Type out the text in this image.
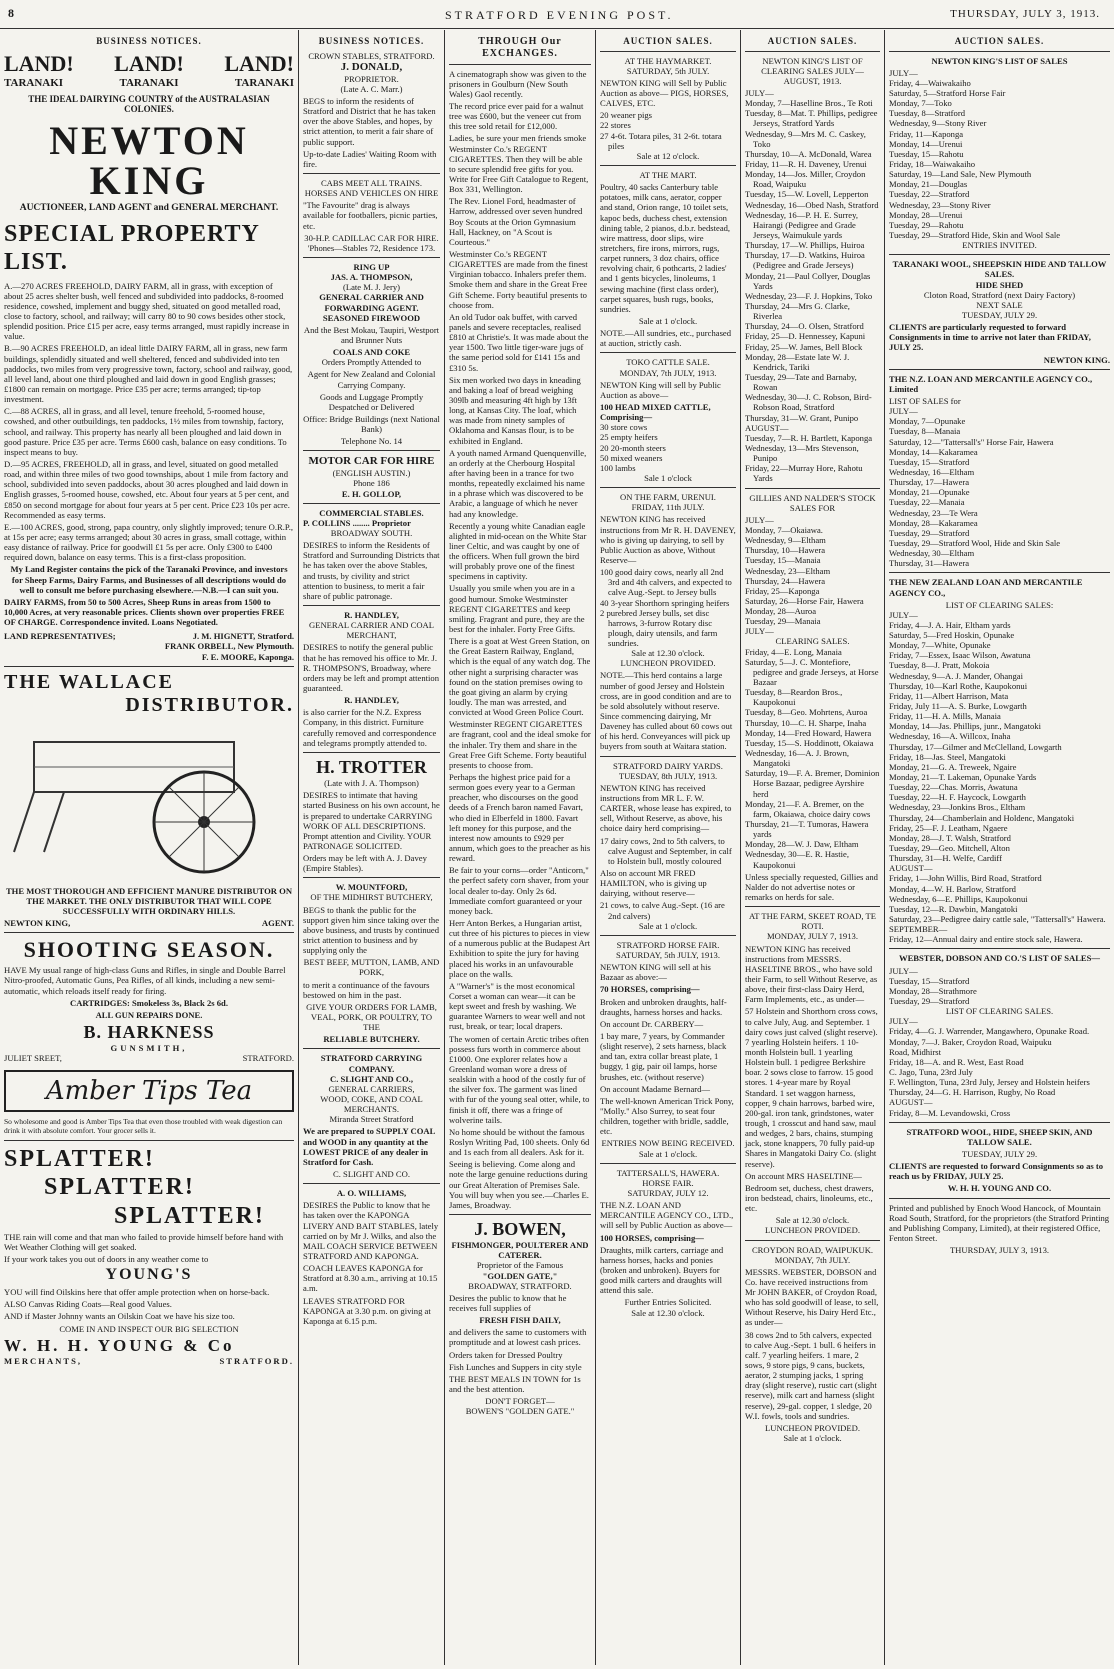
8	STRATFORD EVENING POST.	THURSDAY, JULY 3, 1913.
BUSINESS NOTICES.
LAND! LAND! LAND!
TARANAKI	TARANAKI	TARANAKI
THE IDEAL DAIRYING COUNTRY of the AUSTRALASIAN COLONIES.
NEWTON KING
AUCTIONEER, LAND AGENT and GENERAL MERCHANT.
SPECIAL PROPERTY LIST.

A.—270 ACRES FREEHOLD, DAIRY FARM, all in grass, with exception of about 25 acres shelter bush, well fenced and subdivided into paddocks, 8-roomed residence, cowshed, implement and buggy shed, situated on good metalled road, close to factory, school, and railway; will carry 80 to 90 cows besides other stock, splendid position. Price £15 per acre, easy terms arranged, must rapidly increase in value.

B.—90 ACRES FREEHOLD, an ideal little DAIRY FARM, all in grass, new farm buildings, splendidly situated and well sheltered, fenced and subdivided into ten paddocks, two miles from very progressive town, factory, school and railway, good, all level land, about one third ploughed and laid down in good English grasses; £1800 can remain on mortgage. Price £35 per acre; terms arranged; tip-top investment.

C.—88 ACRES, all in grass, and all level, tenure freehold, 5-roomed house, cowshed, and other outbuildings, ten paddocks, 1½ miles from township, factory, school, and railway. This property has nearly all been ploughed and laid down in good pasture. Price £35 per acre. Terms £600 cash, balance on easy conditions. To inspect means to buy.

D.—95 ACRES, FREEHOLD, all in grass, and level, situated on good metalled road, and within three miles of two good townships, about 1 mile from factory and school, subdivided into seven paddocks, about 30 acres ploughed and laid down in English grasses, 5-roomed house, cowshed, etc. About four years at 5 per cent, and £850 on second mortgage for about four years at 5 per cent. Price £23 10s per acre. Recommended as easy terms.

E.—100 ACRES, good, strong, papa country, only slightly improved; tenure O.R.P., at 15s per acre; easy terms arranged; about 30 acres in grass, small cottage, within easy distance of railway. Price for goodwill £1 5s per acre. Only £300 to £400 required down, balance on easy terms. This is a first-class proposition.

My Land Register contains the pick of the Taranaki Province, and investors for Sheep Farms, Dairy Farms, and Businesses of all descriptions would do well to consult me before purchasing elsewhere.—N.B.—I can suit you.

DAIRY FARMS, from 50 to 500 Acres, Sheep Runs in areas from 1500 to 10,000 Acres, at very reasonable prices. Clients shown over properties FREE OF CHARGE. Correspondence invited. Loans Negotiated.

LAND REPRESENTATIVES;	J. M. HIGNETT, Stratford.
FRANK ORBELL, New Plymouth.
F. E. MOORE, Kaponga.
THE WALLACE
DISTRIBUTOR.

THE MOST THOROUGH AND EFFICIENT MANURE DISTRIBUTOR ON THE MARKET. THE ONLY DISTRIBUTOR THAT WILL COPE SUCCESSFULLY WITH ORDINARY HILLS.

NEWTON KING,	AGENT.
SHOOTING SEASON.

HAVE My usual range of high-class Guns and Rifles, in single and Double Barrel Nitro-proofed, Automatic Guns, Pea Rifles, of all kinds, including a new semi-automatic, which reloads itself ready for firing.

CARTRIDGES: Smokeless 3s, Black 2s 6d.

ALL GUN REPAIRS DONE.

B. HARKNESS
GUNSMITH,
JULIET SREET,	STRATFORD.
Amber Tips Tea

So wholesome and good is Amber Tips Tea that even those troubled with weak digestion can drink it with absolute comfort. Your grocer sells it.

SPLATTER!
SPLATTER!
SPLATTER!

THE rain will come and that man who failed to provide himself before hand with Wet Weather Clothing will get soaked.

If your work takes you out of doors in any weather come to

YOUNG'S

YOU will find Oilskins here that offer ample protection when on horse-back.

ALSO Canvas Riding Coats—Real good Values.

AND if Master Johnny wants an Oilskin Coat we have his size too.

COME IN AND INSPECT OUR BIG SELECTION

W. H. H. YOUNG & Co
MERCHANTS,	STRATFORD.
BUSINESS NOTICES.
CROWN STABLES, STRATFORD.
J. DONALD,
PROPRIETOR.
(Late A. C. Marr.)

BEGS to inform the residents of Stratford and District that he has taken over the above Stables, and hopes, by strict attention, to merit a fair share of public support.

Up-to-date Ladies' Waiting Room with fire.

CABS MEET ALL TRAINS.
HORSES AND VEHICLES ON HIRE

"The Favourite" drag is always available for footballers, picnic parties, etc.

30-H.P. CADILLAC CAR FOR HIRE.
'Phones—Stables 72, Residence 173.
RING UP
JAS. A. THOMPSON,
(Late M. J. Jery)
GENERAL CARRIER AND FORWARDING AGENT.
SEASONED FIREWOOD

And the Best Mokau, Taupiri, Westport and Brunner Nuts

COALS AND COKE
Orders Promptly Attended to

Agent for New Zealand and Colonial Carrying Company.

Goods and Luggage Promptly Despatched or Delivered

Office: Bridge Buildings (next National Bank)

Telephone No. 14
MOTOR CAR FOR HIRE
(ENGLISH AUSTIN.)
Phone 186
E. H. GOLLOP,
COMMERCIAL STABLES.
P. COLLINS ........ Proprietor
BROADWAY SOUTH.

DESIRES to inform the Residents of Stratford and Surrounding Districts that he has taken over the above Stables, and trusts, by civility and strict attention to business, to merit a fair share of public patronage.

R. HANDLEY,
GENERAL CARRIER AND COAL MERCHANT,

DESIRES to notify the general public that he has removed his office to Mr. J. R. THOMPSON'S, Broadway, where orders may be left and prompt attention guaranteed.

R. HANDLEY,

is also carrier for the N.Z. Express Company, in this district. Furniture carefully removed and correspondence and telegrams promptly attended to.

H. TROTTER
(Late with J. A. Thompson)

DESIRES to intimate that having started Business on his own account, he is prepared to undertake CARRYING WORK OF ALL DESCRIPTIONS. Prompt attention and Civility. YOUR PATRONAGE SOLICITED.

Orders may be left with A. J. Davey (Empire Stables).

W. MOUNTFORD,
OF THE MIDHIRST BUTCHERY,

BEGS to thank the public for the support given him since taking over the above business, and trusts by continued strict attention to business and by supplying only the

BEST BEEF, MUTTON, LAMB, AND PORK,

to merit a continuance of the favours bestowed on him in the past.

GIVE YOUR ORDERS FOR LAMB, VEAL, PORK, OR POULTRY, TO THE

RELIABLE BUTCHERY.
STRATFORD CARRYING COMPANY.
C. SLIGHT AND CO.,
GENERAL CARRIERS,
WOOD, COKE, AND COAL MERCHANTS.
Miranda Street Stratford

We are prepared to SUPPLY COAL and WOOD in any quantity at the LOWEST PRICE of any dealer in Stratford for Cash.

C. SLIGHT AND CO.
A. O. WILLIAMS,

DESIRES the Public to know that he has taken over the KAPONGA LIVERY AND BAIT STABLES, lately carried on by Mr J. Wilks, and also the MAIL COACH SERVICE BETWEEN STRATFORD AND KAPONGA.

COACH LEAVES KAPONGA for Stratford at 8.30 a.m., arriving at 10.15 a.m.

LEAVES STRATFORD FOR KAPONGA at 3.30 p.m. on giving at Kaponga at 6.15 p.m.

THROUGH Our EXCHANGES.

A cinematograph show was given to the prisoners in Goulburn (New South Wales) Gaol recently.

The record price ever paid for a walnut tree was £600, but the veneer cut from this tree sold retail for £12,000.

Ladies, be sure your men friends smoke Westminster Co.'s REGENT CIGARETTES. Then they will be able to secure splendid free gifts for you. Write for Free Gift Catalogue to Regent, Box 331, Wellington.

The Rev. Lionel Ford, headmaster of Harrow, addressed over seven hundred Boy Scouts at the Orion Gymnasium Hall, Hackney, on "A Scout is Courteous."

Westminster Co.'s REGENT CIGARETTES are made from the finest Virginian tobacco. Inhalers prefer them. Smoke them and share in the Great Free Gift Scheme. Forty beautiful presents to choose from.

An old Tudor oak buffet, with carved panels and severe receptacles, realised £810 at Christie's. It was made about the year 1500. Two little tiger-ware jugs of the same period sold for £141 15s and £310 5s.

Six men worked two days in kneading and baking a loaf of bread weighing 309lb and measuring 4ft high by 13ft long, at Kansas City. The loaf, which was made from ninety samples of Oklahoma and Kansas flour, is to be exhibited in England.

A youth named Armand Quenquenville, an orderly at the Cherbourg Hospital after having been in a trance for two months, repeatedly exclaimed his name in a phrase which was discovered to be Arabic, a language of which he never had any knowledge.

Recently a young white Canadian eagle alighted in mid-ocean on the White Star liner Celtic, and was caught by one of the officers. When full grown the bird will probably prove one of the finest specimens in captivity.

Usually you smile when you are in a good humour. Smoke Westminster REGENT CIGARETTES and keep smiling. Fragrant and pure, they are the best for the inhaler. Forty Free Gifts.

There is a goat at West Green Station, on the Great Eastern Railway, England, which is the equal of any watch dog. The other night a surprising character was found on the station premises owing to the goat giving an alarm by crying loudly. The man was arrested, and convicted at Wood Green Police Court.

Westminster REGENT CIGARETTES are fragrant, cool and the ideal smoke for the inhaler. Try them and share in the Great Free Gift Scheme. Forty beautiful presents to choose from.

Perhaps the highest price paid for a sermon goes every year to a German preacher, who discourses on the good deeds of a French baron named Favart, who died in Elberfeld in 1800. Favart left money for this purpose, and the interest now amounts to £929 per annum, which goes to the preacher as his reward.

Be fair to your corns—order "Anticorn," the perfect safety corn shaver, from your local dealer to-day. Only 2s 6d. Immediate comfort guaranteed or your money back.

Herr Anton Berkes, a Hungarian artist, cut three of his pictures to pieces in view of a numerous public at the Budapest Art Exhibition to spite the jury for having placed his works in an unfavourable place on the walls.

A "Warner's" is the most economical Corset a woman can wear—it can be kept sweet and fresh by washing. We guarantee Warners to wear well and not rust, break, or tear; local drapers.

The women of certain Arctic tribes often possess furs worth in commerce about £1000. One explorer relates how a Greenland woman wore a dress of sealskin with a hood of the costly fur of the silver fox. The garment was lined with fur of the young seal otter, while, to finish it off, there was a fringe of wolverine tails.

No home should be without the famous Roslyn Writing Pad, 100 sheets. Only 6d and 1s each from all dealers. Ask for it.

Seeing is believing. Come along and note the large genuine reductions during our Great Alteration of Premises Sale. You will buy when you see.—Charles E. James, Broadway.

J. BOWEN,
FISHMONGER, POULTERER AND CATERER.
Proprietor of the Famous
"GOLDEN GATE,"
BROADWAY, STRATFORD.

Desires the public to know that he receives full supplies of

FRESH FISH DAILY,

and delivers the same to customers with promptitude and at lowest cash prices.

Orders taken for Dressed Poultry

Fish Lunches and Suppers in city style

THE BEST MEALS IN TOWN for 1s and the best attention.

DON'T FORGET—
BOWEN'S "GOLDEN GATE."
AUCTION SALES.
AT THE HAYMARKET.
SATURDAY, 5th JULY.

NEWTON KING will Sell by Public Auction as above— PIGS, HORSES, CALVES, ETC.

20 weaner pigs
22 stores
27 4-6t. Totara piles, 31 2-6t. totara piles
Sale at 12 o'clock.
AT THE MART.

Poultry, 40 sacks Canterbury table potatoes, milk cans, aerator, copper and stand, Orion range, 10 toilet sets, kapoc beds, duchess chest, extension dining table, 2 pianos, d.b.r. bedstead, wire mattress, door slips, wire stretchers, fire irons, mirrors, rugs, carpet runners, 3 doz chairs, office revolving chair, 6 pothcarts, 2 ladies' and 1 gents bicycles, linoleums, 1 sewing machine (first class order), carpet squares, bush rugs, books, sundries.

Sale at 1 o'clock.

NOTE.—All sundries, etc., purchased at auction, strictly cash.

TOKO CATTLE SALE.
MONDAY, 7th JULY, 1913.

NEWTON King will sell by Public Auction as above—

100 HEAD MIXED CATTLE, Comprising—
30 store cows
25 empty heifers
20 20-month steers
50 mixed weaners
100 lambs
Sale 1 o'clock
ON THE FARM, URENUI.
FRIDAY, 11th JULY.

NEWTON KING has received instructions from Mr R. H. DAVENEY, who is giving up dairying, to sell by Public Auction as above, Without Reserve—

100 good dairy cows, nearly all 2nd 3rd and 4th calvers, and expected to calve Aug.-Sept. to Jersey bulls
40 3-year Shorthorn springing heifers
2 purebred Jersey bulls, set disc harrows, 3-furrow Rotary disc plough, dairy utensils, and farm sundries.
Sale at 12.30 o'clock.
LUNCHEON PROVIDED.

NOTE.—This herd contains a large number of good Jersey and Holstein cross, are in good condition and are to be sold absolutely without reserve. Since commencing dairying, Mr Daveney has culled about 60 cows out of his herd. Conveyances will pick up buyers from south at Waitara station.

STRATFORD DAIRY YARDS.
TUESDAY, 8th JULY, 1913.

NEWTON KING has received instructions from MR L. F. W. CARTER, whose lease has expired, to sell, Without Reserve, as above, his choice dairy herd comprising—

17 dairy cows, 2nd to 5th calvers, to calve August and September, in calf to Holstein bull, mostly coloured

Also on account MR FRED HAMILTON, who is giving up dairying, without reserve—

21 cows, to calve Aug.-Sept. (16 are 2nd calvers)
Sale at 1 o'clock.
STRATFORD HORSE FAIR.
SATURDAY, 5th JULY, 1913.

NEWTON KING will sell at his Bazaar as above:—

70 HORSES, comprising—

Broken and unbroken draughts, half-draughts, harness horses and hacks.

On account Dr. CARBERY—

1 bay mare, 7 years, by Commander (slight reserve), 2 sets harness, black and tan, extra collar breast plate, 1 buggy, 1 gig, pair oil lamps, horse brushes, etc. (without reserve)

On account Madame Bernard—

The well-known American Trick Pony, "Molly." Also Surrey, to seat four children, together with bridle, saddle, etc.

ENTRIES NOW BEING RECEIVED.
Sale at 1 o'clock.
TATTERSALL'S, HAWERA.
HORSE FAIR.
SATURDAY, JULY 12.

THE N.Z. LOAN AND MERCANTILE AGENCY CO., LTD., will sell by Public Auction as above—

100 HORSES, comprising—

Draughts, milk carters, carriage and harness horses, hacks and ponies (broken and unbroken). Buyers for good milk carters and draughts will attend this sale.

Further Entries Solicited.
Sale at 12.30 o'clock.
AUCTION SALES.

NEWTON KING'S LIST OF CLEARING SALES JULY—AUGUST, 1913.

JULY—
Monday, 7—Haselline Bros., Te Roti
Tuesday, 8—Mat. T. Phillips, pedigree Jerseys, Stratford Yards
Wednesday, 9—Mrs M. C. Caskey, Toko
Thursday, 10—A. McDonald, Warea
Friday, 11—R. H. Daveney, Urenui
Monday, 14—Jos. Miller, Croydon Road, Waipuku
Tuesday, 15—W. Lovell, Lepperton
Wednesday, 16—Obed Nash, Stratford
Wednesday, 16—P. H. E. Surrey, Hairangi (Pedigree and Grade Jerseys, Waimukule yards
Thursday, 17—W. Phillips, Huiroa
Thursday, 17—D. Watkins, Huiroa (Pedigree and Grade Jerseys)
Monday, 21—Paul Collyer, Douglas Yards
Wednesday, 23—F. J. Hopkins, Toko
Thursday, 24—Mrs G. Clarke, Riverlea
Thursday, 24—O. Olsen, Stratford
Friday, 25—D. Hennessey, Kapuni
Friday, 25—W. James, Bell Block
Monday, 28—Estate late W. J. Kendrick, Tariki
Tuesday, 29—Tate and Barnaby, Rowan
Wednesday, 30—J. C. Robson, Bird-Robson Road, Stratford
Thursday, 31—W. Grant, Punipo
AUGUST—
Tuesday, 7—R. H. Bartlett, Kaponga
Wednesday, 13—Mrs Stevenson, Punipo
Friday, 22—Murray Hore, Rahotu Yards

GILLIES AND NALDER'S STOCK SALES FOR

JULY—
Monday, 7—Okaiawa.
Wednesday, 9—Eltham
Thursday, 10—Hawera
Tuesday, 15—Manaia
Wednesday, 23—Eltham
Thursday, 24—Hawera
Friday, 25—Kaponga
Saturday, 26—Horse Fair, Hawera
Monday, 28—Auroa
Tuesday, 29—Manaia
JULY—
CLEARING SALES.
Friday, 4—E. Long, Manaia
Saturday, 5—J. C. Montefiore, pedigree and grade Jerseys, at Horse Bazaar
Tuesday, 8—Reardon Bros., Kaupokonui
Tuesday, 8—Geo. Mohrtens, Auroa
Thursday, 10—C. H. Sharpe, Inaha
Monday, 14—Fred Howard, Hawera
Tuesday, 15—S. Hoddinott, Okaiawa
Wednesday, 16—A. J. Brown, Mangatoki
Saturday, 19—F. A. Bremer, Dominion Horse Bazaar, pedigree Ayrshire herd
Monday, 21—F. A. Bremer, on the farm, Okaiawa, choice dairy cows
Thursday, 21—T. Tumoras, Hawera yards
Monday, 28—W. J. Daw, Eltham
Wednesday, 30—E. R. Hastie, Kaupokonui

Unless specially requested, Gillies and Nalder do not advertise notes or remarks on herds for sale.

AT THE FARM, SKEET ROAD, TE ROTI.
MONDAY, JULY 7, 1913.

NEWTON KING has received instructions from MESSRS. HASELTINE BROS., who have sold their Farm, to sell Without Reserve, as above, their first-class Dairy Herd, Farm Implements, etc., as under—

57 Holstein and Shorthorn cross cows, to calve July, Aug. and September. 1 dairy cows just calved (slight reserve). 7 yearling Holstein heifers. 1 10-month Holstein bull. 1 yearling Holstein bull. 1 pedigree Berkshire boar. 2 sows close to farrow. 15 good stores. 1 4-year mare by Royal Standard. 1 set waggon harness, copper, 9 chain harrows, barbed wire, 200-gal. iron tank, grindstones, water trough, 1 crosscut and hand saw, maul and wedges, 2 bars, chains, stumping jack, stone knappers, 70 fully paid-up Shares in Mangatoki Dairy Co. (slight reserve).

On account MRS HASELTINE—

Bedroom set, duchess, chest drawers, iron bedstead, chairs, linoleums, etc., etc.

Sale at 12.30 o'clock.
LUNCHEON PROVIDED.
CROYDON ROAD, WAIPUKUK.
MONDAY, 7th JULY.

MESSRS. WEBSTER, DOBSON and Co. have received instructions from Mr JOHN BAKER, of Croydon Road, who has sold goodwill of lease, to sell, Without Reserve, his Dairy Herd Etc., as under—

38 cows 2nd to 5th calvers, expected to calve Aug.-Sept. 1 bull. 6 heifers in calf. 7 yearling heifers. 1 mare, 2 sows, 9 store pigs, 9 cans, buckets, aerator, 2 stumping jacks, 1 spring dray (slight reserve), rustic cart (slight reserve), milk cart and harness (slight reserve), 29-gal. copper, 1 sledge, 20 W.I. fowls, tools and sundries.

LUNCHEON PROVIDED.
Sale at 1 o'clock.
AUCTION SALES.

NEWTON KING'S LIST OF SALES

JULY—
Friday, 4—Waiwakaiho
Saturday, 5—Stratford Horse Fair
Monday, 7—Toko
Tuesday, 8—Stratford
Wednesday, 9—Stony River
Friday, 11—Kaponga
Monday, 14—Urenui
Tuesday, 15—Rahotu
Friday, 18—Waiwakaiho
Saturday, 19—Land Sale, New Plymouth
Monday, 21—Douglas
Tuesday, 22—Stratford
Wednesday, 23—Stony River
Monday, 28—Urenui
Tuesday, 29—Rahotu
Tuesday, 29—Stratford Hide, Skin and Wool Sale
ENTRIES INVITED.
TARANAKI WOOL, SHEEPSKIN HIDE AND TALLOW SALES.
HIDE SHED
Cloton Road, Stratford (next Dairy Factory)
NEXT SALE
TUESDAY, JULY 29.

CLIENTS are particularly requested to forward Consignments in time to arrive not later than FRIDAY, JULY 25.

NEWTON KING.

THE N.Z. LOAN AND MERCANTILE AGENCY CO., Limited

LIST OF SALES for
JULY—
Monday, 7—Opunake
Tuesday, 8—Manaia
Saturday, 12—"Tattersall's" Horse Fair, Hawera
Monday, 14—Kakaramea
Tuesday, 15—Stratford
Wednesday, 16—Eltham
Thursday, 17—Hawera
Monday, 21—Opunake
Tuesday, 22—Manaia
Wednesday, 23—Te Wera
Monday, 28—Kakaramea
Tuesday, 29—Stratford
Tuesday, 29—Stratford Wool, Hide and Skin Sale
Wednesday, 30—Eltham
Thursday, 31—Hawera

THE NEW ZEALAND LOAN AND MERCANTILE AGENCY CO.,

LIST OF CLEARING SALES:
JULY—
Friday, 4—J. A. Hair, Eltham yards
Saturday, 5—Fred Hoskin, Opunake
Monday, 7—White, Opunake
Friday, 7—Essex, Isaac Wilson, Awatuna
Tuesday, 8—J. Pratt, Mokoia
Wednesday, 9—A. J. Mander, Ohangai
Thursday, 10—Karl Rothe, Kaupokonui
Friday, 11—Albert Harrison, Mata
Friday, July 11—A. S. Burke, Lowgarth
Friday, 11—H. A. Mills, Manaia
Monday, 14—Jas. Phillips, junr., Mangatoki
Wednesday, 16—A. Willcox, Inaha
Thursday, 17—Gilmer and McClelland, Lowgarth
Friday, 18—Jas. Steel, Mangatoki
Monday, 21—G. A. Treweek, Ngaire
Monday, 21—T. Lakeman, Opunake Yards
Tuesday, 22—Chas. Morris, Awatuna
Tuesday, 22—H. F. Haycock, Lowgarth
Wednesday, 23—Jonkins Bros., Eltham
Thursday, 24—Chamberlain and Holdenc, Mangatoki
Friday, 25—F. J. Leatham, Ngaere
Monday, 28—J. T. Walsh, Stratford
Tuesday, 29—Geo. Mitchell, Alton
Thursday, 31—H. Welfe, Cardiff
AUGUST—
Friday, 1—John Willis, Bird Road, Stratford
Monday, 4—W. H. Barlow, Stratford
Wednesday, 6—E. Phillips, Kaupokonui
Tuesday, 12—R. Dawbin, Mangatoki
Saturday, 23—Pedigree dairy cattle sale, "Tattersall's" Hawera.
SEPTEMBER—
Friday, 12—Annual dairy and entire stock sale, Hawera.

WEBSTER, DOBSON AND CO.'S LIST OF SALES—

JULY—
Tuesday, 15—Stratford
Monday, 28—Strathmore
Tuesday, 29—Stratford
LIST OF CLEARING SALES.
JULY—
Friday, 4—G. J. Warrender, Mangawhero, Opunake Road.
Monday, 7—J. Baker, Croydon Road, Waipuku
Road, Midhirst
Friday, 18—A. and R. West, East Road
C. Jago, Tuna, 23rd July
F. Wellington, Tuna, 23rd July, Jersey and Holstein heifers
Thursday, 24—G. H. Harrison, Rugby, No Road
AUGUST—
Friday, 8—M. Levandowski, Cross

STRATFORD WOOL, HIDE, SHEEP SKIN, AND TALLOW SALE.

TUESDAY, JULY 29.

CLIENTS are requested to forward Consignments so as to reach us by FRIDAY, JULY 25.

W. H. H. YOUNG AND CO.

Printed and published by Enoch Wood Hancock, of Mountain Road South, Stratford, for the proprietors (the Stratford Printing and Publishing Company, Limited), at their registered Office, Fenton Street.

THURSDAY, JULY 3, 1913.
